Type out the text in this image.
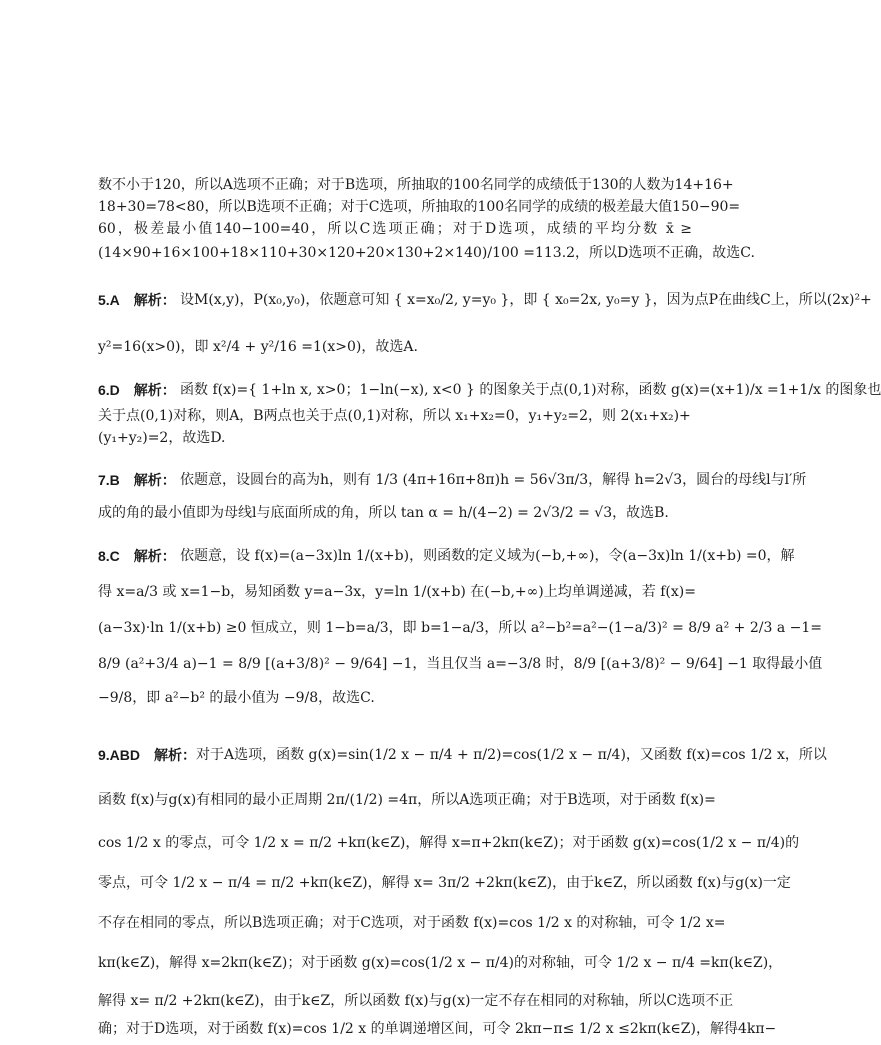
数不小于120，所以A选项不正确；对于B选项，所抽取的100名同学的成绩低于130的人数为14+16+
18+30=78<80，所以B选项不正确；对于C选项，所抽取的100名同学的成绩的极差最大值150−90=
60，极差最小值140−100=40，所以C选项正确；对于D选项，成绩的平均分数 x̄ ≥
(14×90+16×100+18×110+30×120+20×130+2×140)/100 =113.2，所以D选项不正确，故选C.
5.A 解析： 设M(x,y)，P(x₀,y₀)，依题意可知 { x=x₀/2, y=y₀ }，即 { x₀=2x, y₀=y }，因为点P在曲线C上，所以(2x)²+
y²=16(x>0)，即 x²/4 + y²/16 =1(x>0)，故选A.
6.D 解析： 函数 f(x)={ 1+ln x, x>0；1−ln(−x), x<0 } 的图象关于点(0,1)对称，函数 g(x)=(x+1)/x =1+1/x 的图象也
关于点(0,1)对称，则A，B两点也关于点(0,1)对称，所以 x₁+x₂=0，y₁+y₂=2，则 2(x₁+x₂)+
(y₁+y₂)=2，故选D.
7.B 解析： 依题意，设圆台的高为h，则有 1/3 (4π+16π+8π)h = 56√3π/3，解得 h=2√3，圆台的母线l与l′所
成的角的最小值即为母线l与底面所成的角，所以 tan α = h/(4−2) = 2√3/2 = √3，故选B.
8.C 解析： 依题意，设 f(x)=(a−3x)ln 1/(x+b)，则函数的定义域为(−b,+∞)，令(a−3x)ln 1/(x+b) =0，解
得 x=a/3 或 x=1−b，易知函数 y=a−3x，y=ln 1/(x+b) 在(−b,+∞)上均单调递减，若 f(x)=
(a−3x)·ln 1/(x+b) ≥0 恒成立，则 1−b=a/3，即 b=1−a/3，所以 a²−b²=a²−(1−a/3)² = 8/9 a² + 2/3 a −1=
8/9 (a²+3/4 a)−1 = 8/9 [(a+3/8)² − 9/64] −1，当且仅当 a=−3/8 时，8/9 [(a+3/8)² − 9/64] −1 取得最小值
−9/8，即 a²−b² 的最小值为 −9/8，故选C.
9.ABD 解析： 对于A选项，函数 g(x)=sin(1/2 x − π/4 + π/2)=cos(1/2 x − π/4)，又函数 f(x)=cos 1/2 x，所以
函数 f(x)与g(x)有相同的最小正周期 2π/(1/2) =4π，所以A选项正确；对于B选项，对于函数 f(x)=
cos 1/2 x 的零点，可令 1/2 x = π/2 +kπ(k∈Z)，解得 x=π+2kπ(k∈Z)；对于函数 g(x)=cos(1/2 x − π/4)的
零点，可令 1/2 x − π/4 = π/2 +kπ(k∈Z)，解得 x= 3π/2 +2kπ(k∈Z)，由于k∈Z，所以函数 f(x)与g(x)一定
不存在相同的零点，所以B选项正确；对于C选项，对于函数 f(x)=cos 1/2 x 的对称轴，可令 1/2 x=
kπ(k∈Z)，解得 x=2kπ(k∈Z)；对于函数 g(x)=cos(1/2 x − π/4)的对称轴，可令 1/2 x − π/4 =kπ(k∈Z)，
解得 x= π/2 +2kπ(k∈Z)，由于k∈Z，所以函数 f(x)与g(x)一定不存在相同的对称轴，所以C选项不正
确；对于D选项，对于函数 f(x)=cos 1/2 x 的单调递增区间，可令 2kπ−π≤ 1/2 x ≤2kπ(k∈Z)，解得4kπ−
